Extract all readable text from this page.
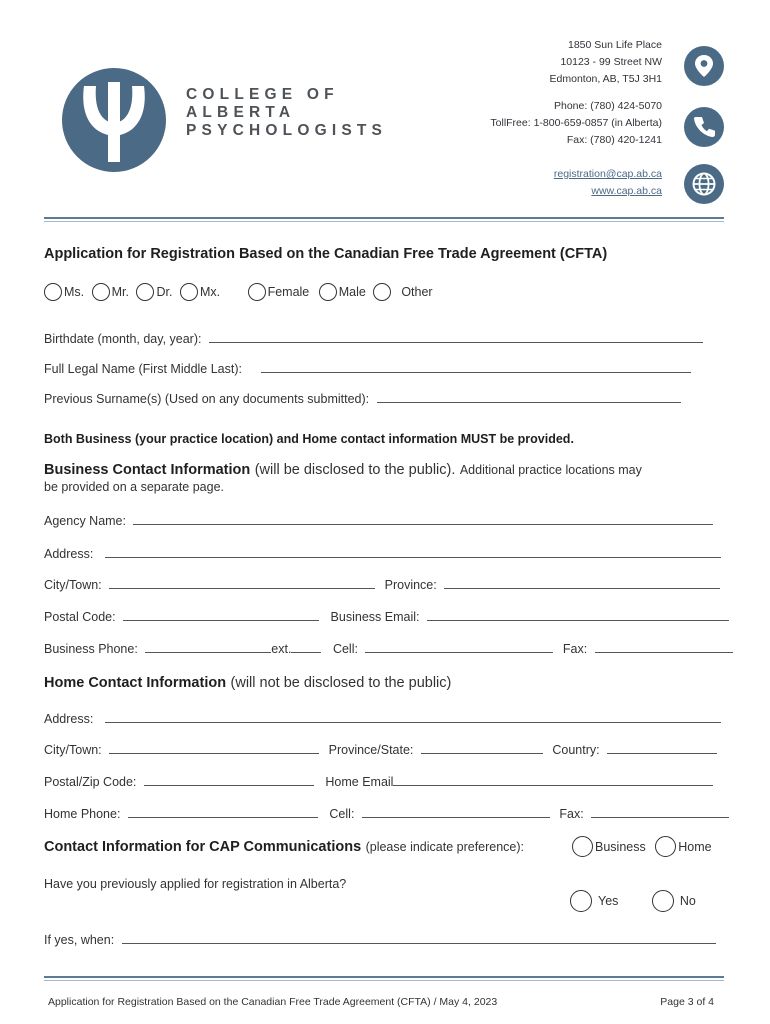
COLLEGE OF
ALBERTA
PSYCHOLOGISTS
1850 Sun Life Place
10123 - 99 Street NW
Edmonton, AB, T5J 3H1
Phone: (780) 424-5070
TollFree: 1-800-659-0857 (in Alberta)
Fax: (780) 420-1241
registration@cap.ab.ca
www.cap.ab.ca
Application for Registration Based on the Canadian Free Trade Agreement (CFTA)
Ms. Mr. Dr. Mx.	Female Male	Other
Birthdate (month, day, year):
Full Legal Name (First Middle Last):
Previous Surname(s) (Used on any documents submitted):
Both Business (your practice location) and Home contact information MUST be provided.
Business Contact Information (will be disclosed to the public). Additional practice locations may
be provided on a separate page.
Agency Name:
Address:
City/Town:	Province:
Postal Code:	Business Email:
Business Phone:	ext.	Cell:	Fax:
Home Contact Information (will not be disclosed to the public)
Address:
City/Town:	Province/State:	Country:
Postal/Zip Code:	Home Email
Home Phone:	Cell:	Fax:
Contact Information for CAP Communications (please indicate preference):	Business	Home
Have you previously applied for registration in Alberta?
Yes	No
If yes, when:
Application for Registration Based on the Canadian Free Trade Agreement (CFTA) / May 4, 2023	Page 3 of 4
